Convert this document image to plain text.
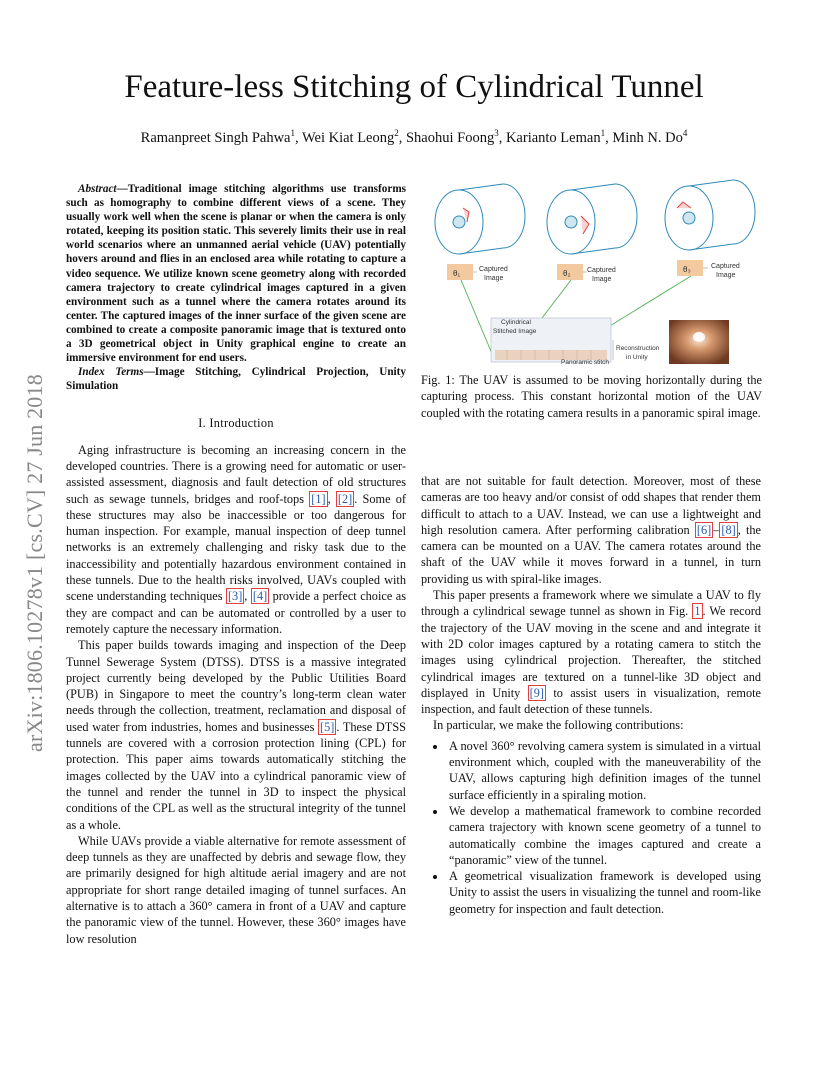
Feature-less Stitching of Cylindrical Tunnel
Ramanpreet Singh Pahwa$^1$, Wei Kiat Leong$^2$, Shaohui Foong$^3$, Karianto Leman$^1$, Minh N. Do$^4$
arXiv:1806.10278v1 [cs.CV] 27 Jun 2018

Abstract—Traditional image stitching algorithms use transforms such as homography to combine different views of a scene. They usually work well when the scene is planar or when the camera is only rotated, keeping its position static. This severely limits their use in real world scenarios where an unmanned aerial vehicle (UAV) potentially hovers around and flies in an enclosed area while rotating to capture a video sequence. We utilize known scene geometry along with recorded camera trajectory to create cylindrical images captured in a given environment such as a tunnel where the camera rotates around its center. The captured images of the inner surface of the given scene are combined to create a composite panoramic image that is textured onto a 3D geometrical object in Unity graphical engine to create an immersive environment for end users.

Index Terms—Image Stitching, Cylindrical Projection, Unity Simulation

I. Introduction

Aging infrastructure is becoming an increasing concern in the developed countries. There is a growing need for automatic or user-assisted assessment, diagnosis and fault detection of old structures such as sewage tunnels, bridges and roof-tops [1] , [2] . Some of these structures may also be inaccessible or too dangerous for human inspection. For example, manual inspection of deep tunnel networks is an extremely challenging and risky task due to the inaccessibility and potentially hazardous environment contained in these tunnels. Due to the health risks involved, UAVs coupled with scene understanding techniques [3] , [4] provide a perfect choice as they are compact and can be automated or controlled by a user to remotely capture the necessary information.

This paper builds towards imaging and inspection of the Deep Tunnel Sewerage System (DTSS). DTSS is a massive integrated project currently being developed by the Public Utilities Board (PUB) in Singapore to meet the country’s long-term clean water needs through the collection, treatment, reclamation and disposal of used water from industries, homes and businesses [5] . These DTSS tunnels are covered with a corrosion protection lining (CPL) for protection. This paper aims towards automatically stitching the images collected by the UAV into a cylindrical panoramic view of the tunnel and render the tunnel in 3D to inspect the physical conditions of the CPL as well as the structural integrity of the tunnel as a whole.

While UAVs provide a viable alternative for remote assessment of deep tunnels as they are unaffected by debris and sewage flow, they are primarily designed for high altitude aerial imagery and are not appropriate for short range detailed imaging of tunnel surfaces. An alternative is to attach a 360° camera in front of a UAV and capture the panoramic view of the tunnel. However, these 360° images have low resolution

θ₁	θ₂	θ₃
Captured
Image
Captured
Image
Captured
Image
Cylindrical
Stitched Image
Panoramic stitch
Reconstruction
in Unity
Fig. 1: The UAV is assumed to be moving horizontally during the capturing process. This constant horizontal motion of the UAV coupled with the rotating camera results in a panoramic spiral image.

that are not suitable for fault detection. Moreover, most of these cameras are too heavy and/or consist of odd shapes that render them difficult to attach to a UAV. Instead, we can use a lightweight and high resolution camera. After performing calibration [6] – [8] , the camera can be mounted on a UAV. The camera rotates around the shaft of the UAV while it moves forward in a tunnel, in turn providing us with spiral-like images.

This paper presents a framework where we simulate a UAV to fly through a cylindrical sewage tunnel as shown in Fig. 1 . We record the trajectory of the UAV moving in the scene and and integrate it with 2D color images captured by a rotating camera to stitch the images using cylindrical projection. Thereafter, the stitched cylindrical images are textured on a tunnel-like 3D object and displayed in Unity [9] to assist users in visualization, remote inspection, and fault detection of these tunnels.

In particular, we make the following contributions:

• A novel 360° revolving camera system is simulated in a virtual environment which, coupled with the maneuverability of the UAV, allows capturing high definition images of the tunnel surface efficiently in a spiraling motion.
• We develop a mathematical framework to combine recorded camera trajectory with known scene geometry of a tunnel to automatically combine the images captured and create a “panoramic” view of the tunnel.
• A geometrical visualization framework is developed using Unity to assist the users in visualizing the tunnel and room-like geometry for inspection and fault detection.
